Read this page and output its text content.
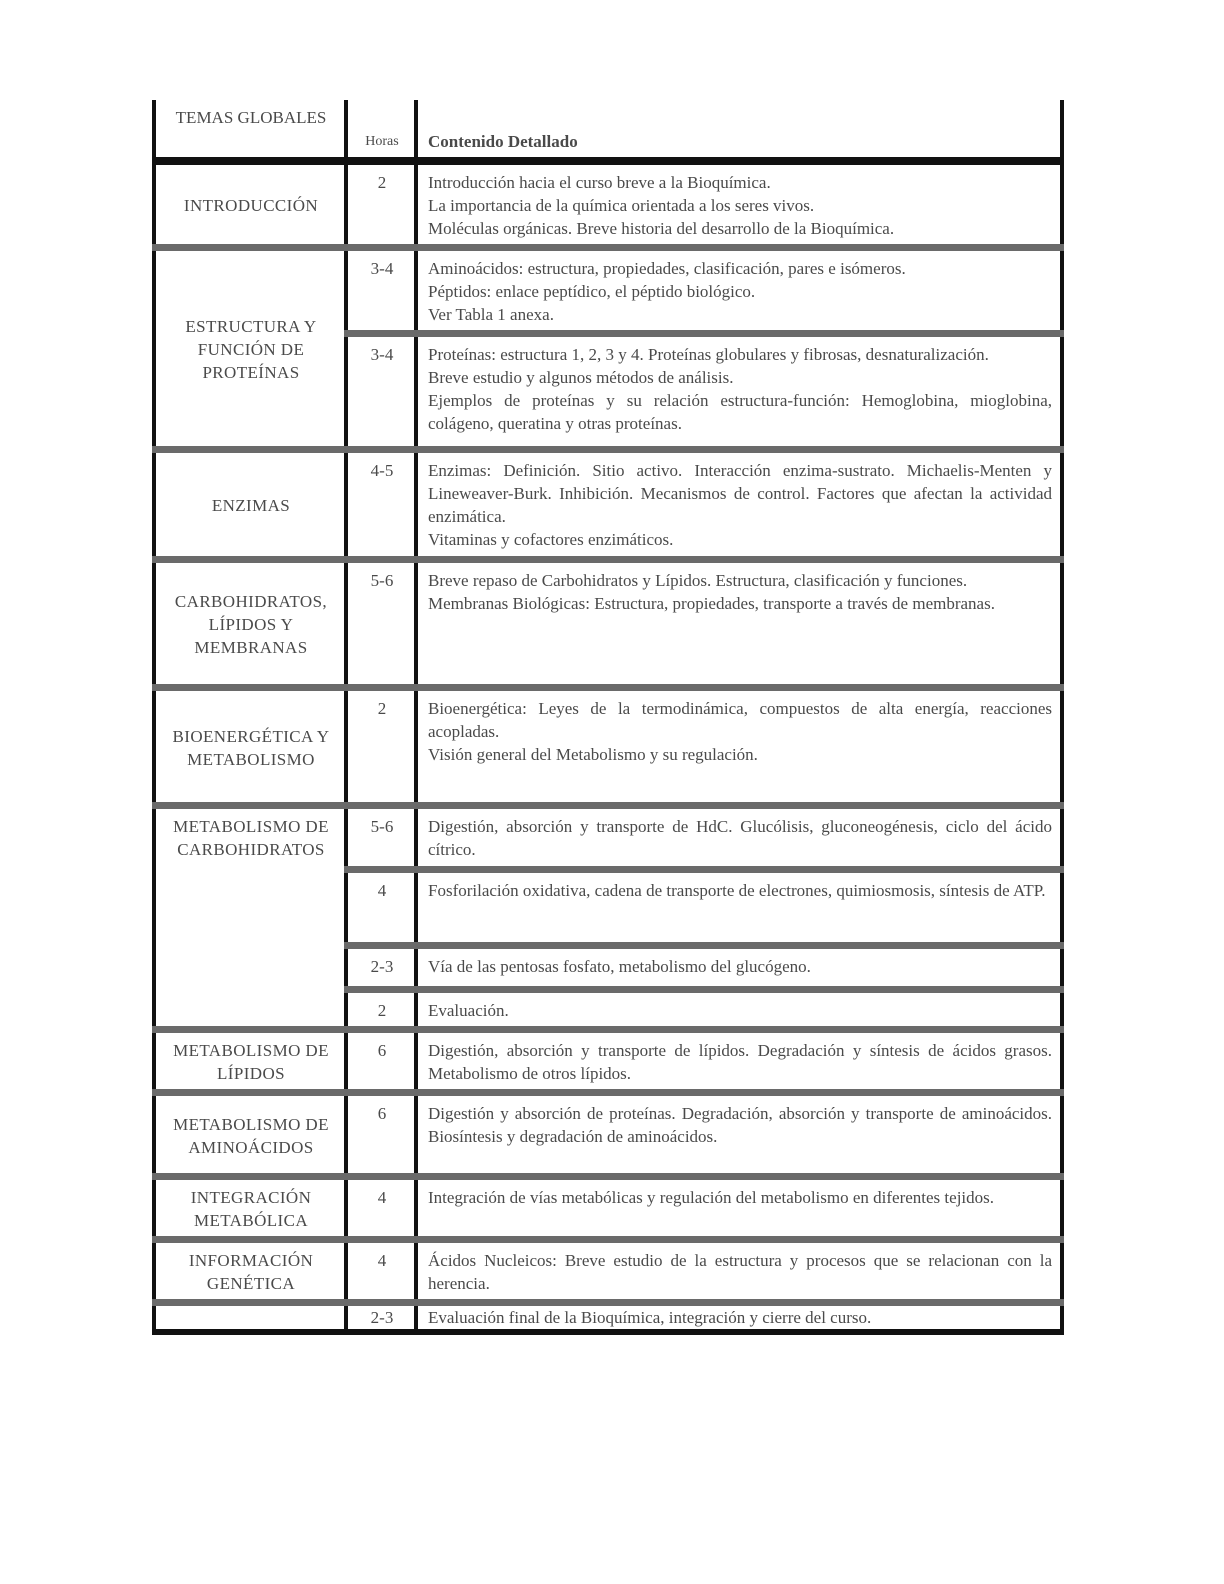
TEMAS GLOBALES	Horas	Contenido Detallado
INTRODUCCIÓN	2	Introducción hacia el curso breve a la Bioquímica.
La importancia de la química orientada a los seres vivos.
Moléculas orgánicas. Breve historia del desarrollo de la Bioquímica.

ESTRUCTURA Y FUNCIÓN DE PROTEÍNAS	3-4	Aminoácidos: estructura, propiedades, clasificación, pares e isómeros.
Péptidos: enlace peptídico, el péptido biológico.
Ver Tabla 1 anexa.

	3-4	Proteínas: estructura 1, 2, 3 y 4. Proteínas globulares y fibrosas, desnaturalización.
Breve estudio y algunos métodos de análisis.
Ejemplos de proteínas y su relación estructura-función: Hemoglobina, mioglobina, colágeno, queratina y otras proteínas.

ENZIMAS	4-5	Enzimas: Definición. Sitio activo. Interacción enzima-sustrato. Michaelis-Menten y Lineweaver-Burk. Inhibición. Mecanismos de control. Factores que afectan la actividad enzimática.
Vitaminas y cofactores enzimáticos.

CARBOHIDRATOS, LÍPIDOS Y MEMBRANAS	5-6	Breve repaso de Carbohidratos y Lípidos. Estructura, clasificación y funciones.
Membranas Biológicas: Estructura, propiedades, transporte a través de membranas.

BIOENERGÉTICA Y METABOLISMO	2	Bioenergética: Leyes de la termodinámica, compuestos de alta energía, reacciones acopladas.
Visión general del Metabolismo y su regulación.

METABOLISMO DE CARBOHIDRATOS	5-6	Digestión, absorción y transporte de HdC. Glucólisis, gluconeogénesis, ciclo del ácido cítrico.

	4	Fosforilación oxidativa, cadena de transporte de electrones, quimiosmosis, síntesis de ATP.

	2-3	Vía de las pentosas fosfato, metabolismo del glucógeno.

	2	Evaluación.

METABOLISMO DE LÍPIDOS	6	Digestión, absorción y transporte de lípidos. Degradación y síntesis de ácidos grasos. Metabolismo de otros lípidos.

METABOLISMO DE AMINOÁCIDOS	6	Digestión y absorción de proteínas. Degradación, absorción y transporte de aminoácidos. Biosíntesis y degradación de aminoácidos.

INTEGRACIÓN METABÓLICA	4	Integración de vías metabólicas y regulación del metabolismo en diferentes tejidos.

INFORMACIÓN GENÉTICA	4	Ácidos Nucleicos: Breve estudio de la estructura y procesos que se relacionan con la herencia.

	2-3	Evaluación final de la Bioquímica, integración y cierre del curso.
